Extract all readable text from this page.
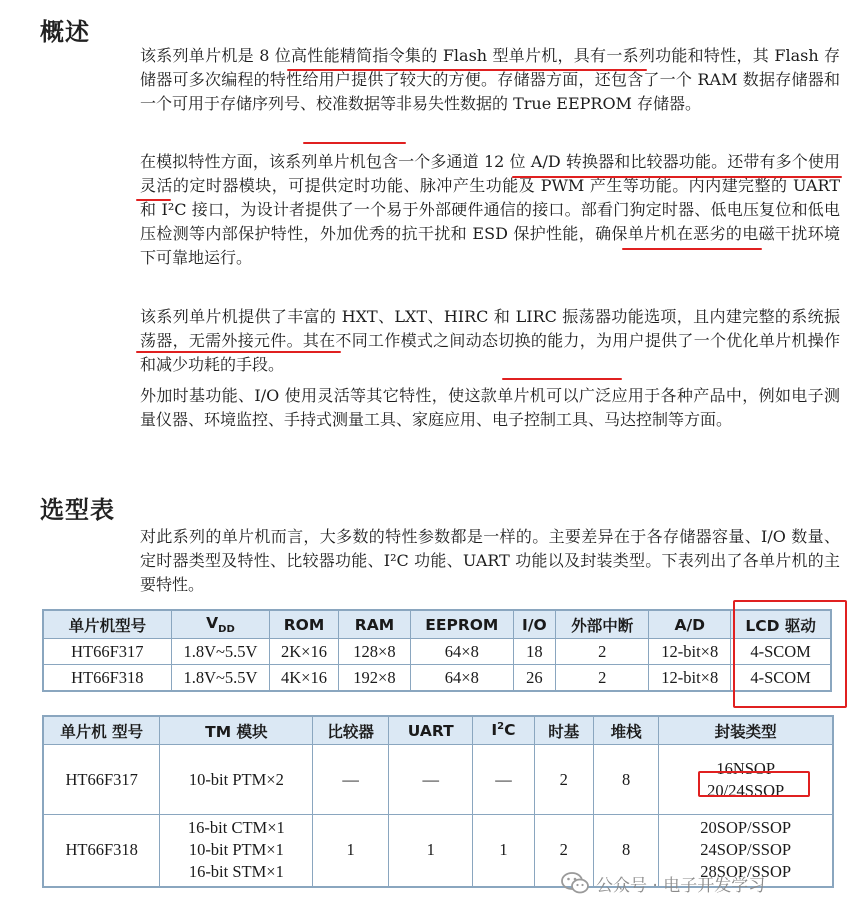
概述

该系列单片机是 8 位高性能精简指令集的 Flash 型单片机，具有一系列功能和特性，其 Flash 存储器可多次编程的特性给用户提供了较大的方便。存储器方面，还包含了一个 RAM 数据存储器和一个可用于存储序列号、校准数据等非易失性数据的 True EEPROM 存储器。

在模拟特性方面，该系列单片机包含一个多通道 12 位 A/D 转换器和比较器功能。还带有多个使用灵活的定时器模块，可提供定时功能、脉冲产生功能及 PWM 产生等功能。内内建完整的 UART 和 I²C 接口，为设计者提供了一个易于外部硬件通信的接口。部看门狗定时器、低电压复位和低电压检测等内部保护特性，外加优秀的抗干扰和 ESD 保护性能，确保单片机在恶劣的电磁干扰环境下可靠地运行。

该系列单片机提供了丰富的 HXT、LXT、HIRC 和 LIRC 振荡器功能选项，且内建完整的系统振荡器，无需外接元件。其在不同工作模式之间动态切换的能力，为用户提供了一个优化单片机操作和减少功耗的手段。

外加时基功能、I/O 使用灵活等其它特性，使这款单片机可以广泛应用于各种产品中，例如电子测量仪器、环境监控、手持式测量工具、家庭应用、电子控制工具、马达控制等方面。

选型表

对此系列的单片机而言，大多数的特性参数都是一样的。主要差异在于各存储器容量、I/O 数量、定时器类型及特性、比较器功能、I²C 功能、UART 功能以及封装类型。下表列出了各单片机的主要特性。

单片机型号	$V_{DD}$	ROM	RAM	EEPROM	I/O	外部中断	A/D	LCD 驱动
HT66F317	1.8V~5.5V	2K×16	128×8	64×8	18	2	12-bit×8	4-SCOM
HT66F318	1.8V~5.5V	4K×16	192×8	64×8	26	2	12-bit×8	4-SCOM
单片机 型号	TM 模块	比较器	UART	$I^2C$	时基	堆栈	封装类型
HT66F317	10-bit PTM×2	—	—	—	2	8	16NSOP
20/24SSOP
HT66F318	16-bit CTM×1
10-bit PTM×1
16-bit STM×1	1	1	1	2	8	20SOP/SSOP
24SOP/SSOP
28SOP/SSOP
公众号 · 电子开发学习
